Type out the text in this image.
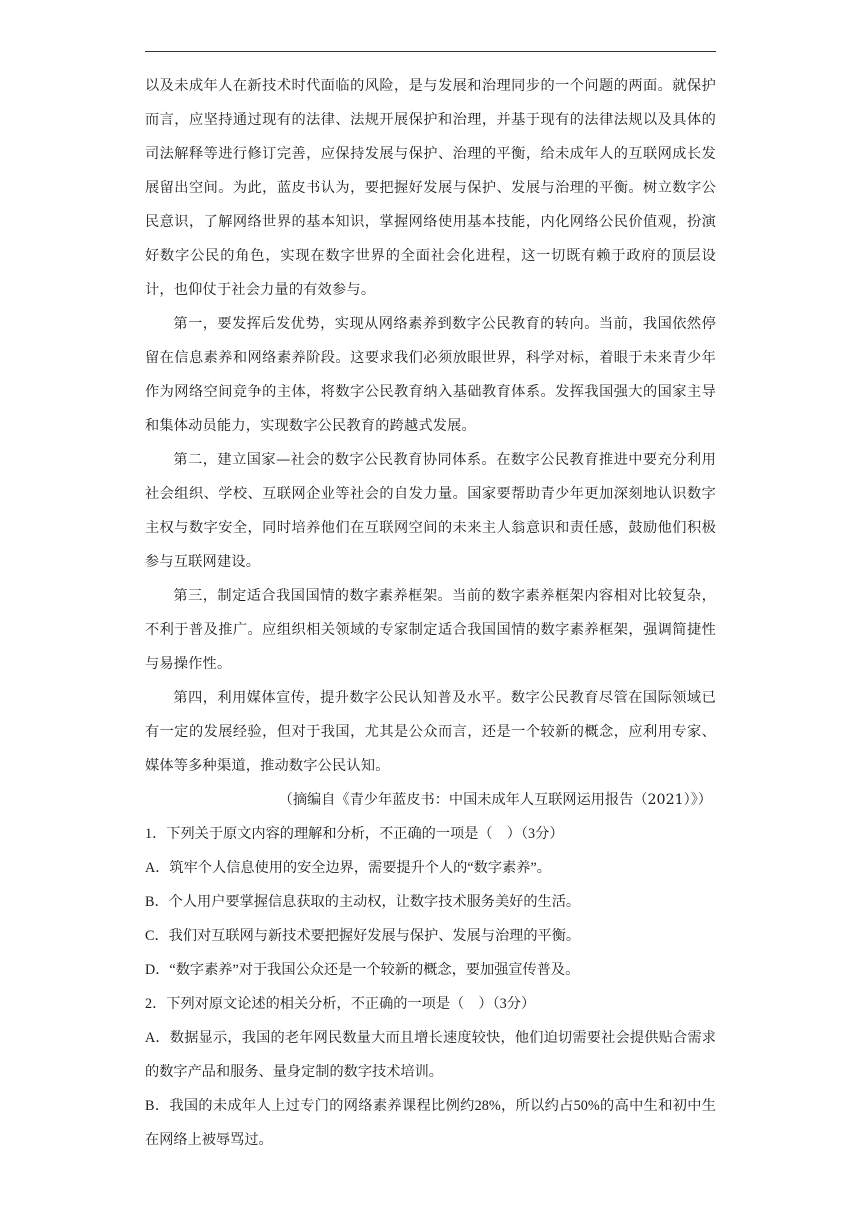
以及未成年人在新技术时代面临的风险，是与发展和治理同步的一个问题的两面。就保护而言，应坚持通过现有的法律、法规开展保护和治理，并基于现有的法律法规以及具体的司法解释等进行修订完善，应保持发展与保护、治理的平衡，给未成年人的互联网成长发展留出空间。为此，蓝皮书认为，要把握好发展与保护、发展与治理的平衡。树立数字公民意识，了解网络世界的基本知识，掌握网络使用基本技能，内化网络公民价值观，扮演好数字公民的角色，实现在数字世界的全面社会化进程，这一切既有赖于政府的顶层设计，也仰仗于社会力量的有效参与。

第一，要发挥后发优势，实现从网络素养到数字公民教育的转向。当前，我国依然停留在信息素养和网络素养阶段。这要求我们必须放眼世界，科学对标，着眼于未来青少年作为网络空间竞争的主体，将数字公民教育纳入基础教育体系。发挥我国强大的国家主导和集体动员能力，实现数字公民教育的跨越式发展。

第二，建立国家—社会的数字公民教育协同体系。在数字公民教育推进中要充分利用社会组织、学校、互联网企业等社会的自发力量。国家要帮助青少年更加深刻地认识数字主权与数字安全，同时培养他们在互联网空间的未来主人翁意识和责任感，鼓励他们积极参与互联网建设。

第三，制定适合我国国情的数字素养框架。当前的数字素养框架内容相对比较复杂，不利于普及推广。应组织相关领域的专家制定适合我国国情的数字素养框架，强调简捷性与易操作性。

第四，利用媒体宣传，提升数字公民认知普及水平。数字公民教育尽管在国际领域已有一定的发展经验，但对于我国，尤其是公众而言，还是一个较新的概念，应利用专家、媒体等多种渠道，推动数字公民认知。

（摘编自《青少年蓝皮书：中国未成年人互联网运用报告（2021）》）

1．下列关于原文内容的理解和分析，不正确的一项是（　）（3分）

A．筑牢个人信息使用的安全边界，需要提升个人的“数字素养”。

B．个人用户要掌握信息获取的主动权，让数字技术服务美好的生活。

C．我们对互联网与新技术要把握好发展与保护、发展与治理的平衡。

D．“数字素养”对于我国公众还是一个较新的概念，要加强宣传普及。

2．下列对原文论述的相关分析，不正确的一项是（　）（3分）

A．数据显示，我国的老年网民数量大而且增长速度较快，他们迫切需要社会提供贴合需求的数字产品和服务、量身定制的数字技术培训。

B．我国的未成年人上过专门的网络素养课程比例约28%，所以约占50%的高中生和初中生在网络上被辱骂过。
